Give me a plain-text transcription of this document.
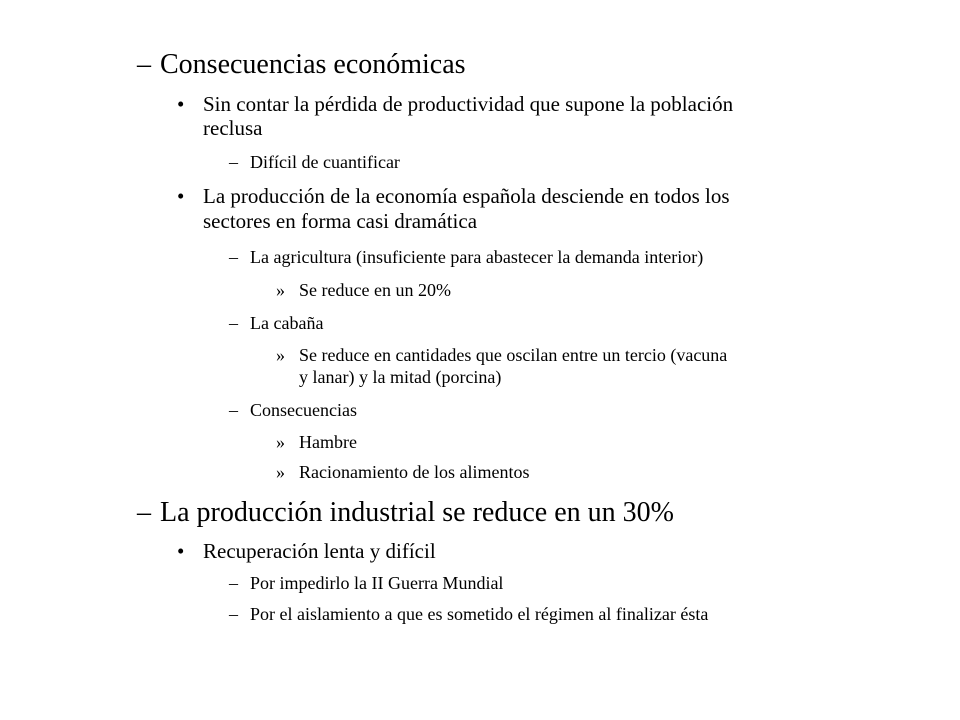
– Consecuencias económicas
• Sin contar la pérdida de productividad que supone la población
reclusa
– Difícil de cuantificar
• La producción de la economía española desciende en todos los
sectores en forma casi dramática
– La agricultura (insuficiente para abastecer la demanda interior)
» Se reduce en un 20%
– La cabaña
» Se reduce en cantidades que oscilan entre un tercio (vacuna
y lanar) y la mitad (porcina)
– Consecuencias
» Hambre
» Racionamiento de los alimentos
– La producción industrial se reduce en un 30%
• Recuperación lenta y difícil
– Por impedirlo la II Guerra Mundial
– Por el aislamiento a que es sometido el régimen al finalizar ésta
